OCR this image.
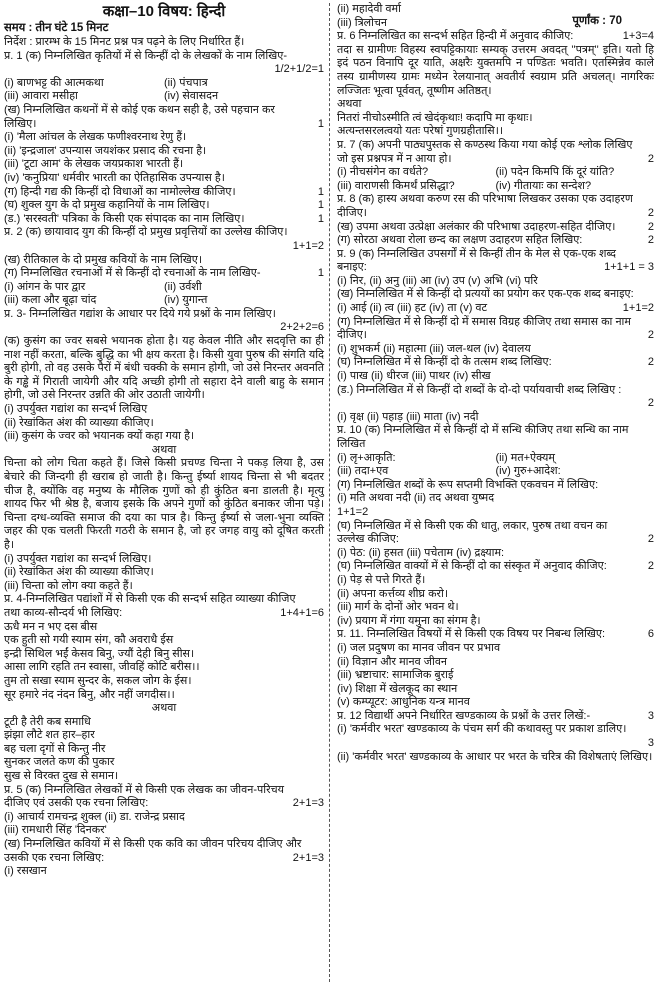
पूर्णांक : 70
कक्षा–10 विषय: हिन्दी
समय : तीन घंटे 15 मिनट
निर्देश : प्रारम्भ के 15 मिनट प्रश्न पत्र पढ़ने के लिए निर्धारित हैं।
प्र. 1 (क) निम्नलिखित कृतियों में से किन्हीं दो के लेखकों के नाम लिखिए-
1/2+1/2=1
(i) बाणभट्ट की आत्मकथा	(ii) पंचपात्र
(iii) आवारा मसीहा	(iv) सेवासदन
(ख) निम्नलिखित कथनों में से कोई एक कथन सही है, उसे पहचान कर
लिखिए।	1
(i) 'मैला आंचल के लेखक फणीश्वरनाथ रेणु हैं।
(ii) 'इन्द्रजाल' उपन्यास जयशंकर प्रसाद की रचना है।
(iii) 'टूटा आम' के लेखक जयप्रकाश भारती हैं।
(iv) 'कनुप्रिया' धर्मवीर भारती का ऐतिहासिक उपन्यास है।
(ग) हिन्दी गद्य की किन्हीं दो विधाओं का नामोल्लेख कीजिए।	1
(घ) शुक्ल युग के दो प्रमुख कहानियों के नाम लिखिए।	1
(ड.) 'सरस्वती' पत्रिका के किसी एक संपादक का नाम लिखिए।	1
प्र. 2 (क) छायावाद युग की किन्हीं दो प्रमुख प्रवृत्तियों का उल्लेख कीजिए।
1+1=2
(ख) रीतिकाल के दो प्रमुख कवियों के नाम लिखिए।
(ग) निम्नलिखित रचनाओं में से किन्हीं दो रचनाओं के नाम लिखिए-	1
(i) आंगन के पार द्वार	(ii) उर्वशी
(iii) कला और बूढ़ा चांद	(iv) युगान्त
प्र. 3- निम्नलिखित गद्यांश के आधार पर दिये गये प्रश्नों के नाम लिखिए।
2+2+2=6
(क) कुसंग का ज्वर सबसे भयानक होता है। यह केवल नीति और सदवृत्ति का ही नाश नहीं करता, बल्कि बुद्धि का भी क्षय करता है। किसी युवा पुरुष की संगति यदि बुरी होगी, तो वह उसके पैरों में बंधी चक्की के समान होगी, जो उसे निरन्तर अवनति के गड्ढे में गिराती जायेगी और यदि अच्छी होगी तो सहारा देने वाली बाहु के समान होगी, जो उसे निरन्तर उन्नति की ओर उठाती जायेगी।
(i) उपर्युक्त गद्यांश का सन्दर्भ लिखिए
(ii) रेखांकित अंश की व्याख्या कीजिए।
(iii) कुसंग के ज्वर को भयानक क्यों कहा गया है।
अथवा
चिन्ता को लोग चिता कहते हैं। जिसे किसी प्रचण्ड चिन्ता ने पकड़ लिया है, उस बेचारे की जिन्दगी ही खराब हो जाती है। किन्तु ईर्ष्या शायद चिन्ता से भी बदतर चीज है, क्योंकि वह मनुष्य के मौलिक गुणों को ही कुंठित बना डालती है। मृत्यु शायद फिर भी श्रेष्ठ है, बजाय इसके कि अपने गुणों को कुंठित बनाकर जीना पड़े। चिन्ता दग्ध-व्यक्ति समाज की दया का पात्र है। किन्तु ईर्ष्या से जला-भुना व्यक्ति जहर की एक चलती फिरती गठरी के समान है, जो हर जगह वायु को दूषित करती है।
(i) उपर्युक्त गद्यांश का सन्दर्भ लिखिए।
(ii) रेखांकित अंश की व्याख्या कीजिए।
(iii) चिन्ता को लोग क्या कहते हैं।
प्र. 4-निम्नलिखित पद्यांशों में से किसी एक की सन्दर्भ सहित व्याख्या कीजिए
तथा काव्य-सौन्दर्य भी लिखिए:	1+4+1=6
ऊधै मन न भए दस बीस
एक हुती सो गयी स्याम संग, कौ अवराधै ईस
इन्द्री सिथिल भईं केसव बिनु, ज्यौं देही बिनु सीस।
आसा लागि रहति तन स्वासा, जीवहिं कोटि बरीस।।
तुम तो सखा स्याम सुन्दर के, सकल जोग के ईस।
सूर हमारे नंद नंदन बिनु, और नहीं जगदीस।।
अथवा
टूटी है तेरी कब समाधि
झंझा लौटे शत हार–हार
बह चला दृगों से किन्तु नीर
सुनकर जलते कण की पुकार
सुख से विरक्त दुख से समान।
प्र. 5 (क) निम्नलिखित लेखकों में से किसी एक लेखक का जीवन-परिचय
दीजिए एवं उसकी एक रचना लिखिए:	2+1=3
(i) आचार्य रामचन्द्र शुक्ल (ii) डा. राजेन्द्र प्रसाद
(iii) रामधारी सिंह 'दिनकर'
(ख) निम्नलिखित कवियों में से किसी एक कवि का जीवन परिचय दीजिए और
उसकी एक रचना लिखिए:	2+1=3
(i) रसखान
(ii) महादेवी वर्मा
(iii) त्रिलोचन
प्र. 6 निम्नलिखित का सन्दर्भ सहित हिन्दी में अनुवाद कीजिए:	1+3=4
तदा स ग्रामीणः विहस्य स्वपट्टिकायाः सम्यक् उत्तरम अवदत् ''पत्रम्'' इति। यतो हि इदं पठन विनापि दूर याति, अक्षरैः युक्तमपि न पण्डितः भवति। एतस्मिन्नेव काले तस्य ग्रामीणस्य ग्रामः मध्येन रेलयानात् अवतीर्य स्वग्राम प्रति अचलत्। नागरिकः लज्जितः भूत्वा पूर्ववत्, तूष्णीम अतिष्ठत्।
अथवा
नितरां नीचोऽस्मीति त्वं खेदंकृथाः! कदापि मा कृथाः।
अत्यन्तसरलत्वयो यतः परेषां गुणग्रहीतासि।।
प्र. 7 (क) अपनी पाठ्यपुस्तक से कण्ठस्थ किया गया कोई एक श्लोक लिखिए
जो इस प्रश्नपत्र में न आया हो।	2
(i) नीचसंगेन का वर्धते?	(ii) पदेन किमपि किं दूरं यांति?
(iii) वाराणसी किमर्थं प्रसिद्धा?	(iv) गीतायाः का सन्देश?
प्र. 8 (क) हास्य अथवा करुण रस की परिभाषा लिखकर उसका एक उदाहरण
दीजिए।	2
(ख) उपमा अथवा उत्प्रेक्षा अलंकार की परिभाषा उदाहरण-सहित दीजिए।	2
(ग) सोरठा अथवा रोला छन्द का लक्षण उदाहरण सहित लिखिए:	2
प्र. 9 (क) निम्नलिखित उपसर्गों में से किन्हीं तीन के मेल से एक-एक शब्द
बनाइए:	1+1+1 = 3
(i) निर, (ii) अनु (iii) आ (iv) उप (v) अभि (vi) परि
(ख) निम्नलिखित में से किन्हीं दो प्रत्ययों का प्रयोग कर एक-एक शब्द बनाइए:
(i) आई (ii) त्व (iii) हट (iv) ता (v) वट	1+1=2
(ग) निम्नलिखित में से किन्हीं दो में समास विग्रह कीजिए तथा समास का नाम
दीजिए।	2
(i) शुभकर्म (ii) महात्मा (iii) जल-थल (iv) देवालय
(घ) निम्नलिखित में से किन्हीं दो के तत्सम शब्द लिखिए:	2
(i) पाख (ii) धीरज (iii) पाथर (iv) सीख
(ड.) निम्नलिखित में से किन्हीं दो शब्दों के दो-दो पर्यायवाची शब्द लिखिए :
2
(i) वृक्ष (ii) पहाड़ (iii) माता (iv) नदी
प्र. 10 (क) निम्नलिखित में से किन्हीं दो में सन्धि कीजिए तथा सन्धि का नाम
लिखित
(i) लृ+आकृति:	(ii) मत+ऐक्यम्
(iii) तदा+एव	(iv) गुरु+आदेश:
(ग) निम्नलिखित शब्दों के रूप सप्तमी विभक्ति एकवचन में लिखिए:
(i) मति अथवा नदी (ii) तद अथवा युष्मद
1+1=2
(घ) निम्नलिखित में से किसी एक की धातु, लकार, पुरुष तथा वचन का
उल्लेख कीजिए:	2
(i) पेठ: (ii) हसत (iii) पचेताम (iv) द्रक्ष्याम:
(घ) निम्नलिखित वाक्यों में से किन्हीं दो का संस्कृत में अनुवाद कीजिए:	2
(i) पेड़ से पत्ते गिरते हैं।
(ii) अपना कर्त्तव्य शीघ्र करो।
(iii) मार्ग के दोनों ओर भवन थे।
(iv) प्रयाग में गंगा यमुना का संगम है।
प्र. 11. निम्नलिखित विषयों में से किसी एक विषय पर निबन्ध लिखिए:	6
(i) जल प्रदुषण का मानव जीवन पर प्रभाव
(ii) विज्ञान और मानव जीवन
(iii) भ्रष्टाचार: सामाजिक बुराई
(iv) शिक्षा में खेलकूद का स्थान
(v) कम्प्यूटर: आधुनिक यन्त्र मानव
प्र. 12 विद्यार्थी अपने निर्धारित खण्डकाव्य के प्रश्नों के उत्तर लिखें:-	3
(i) 'कर्मवीर भरत' खण्डकाव्य के पंचम सर्ग की कथावस्तु पर प्रकाश डालिए।
3
(ii) 'कर्मवीर भरत' खण्डकाव्य के आधार पर भरत के चरित्र की विशेषताएं लिखिए।
